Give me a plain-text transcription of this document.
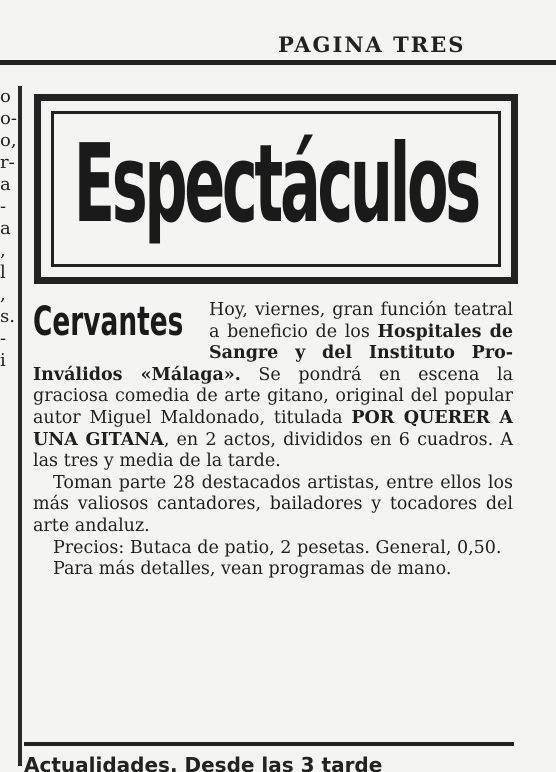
PAGINA TRES
o
o-
o,
r-
a
-
a
,
l
,
s.
-
i
Espectáculos
Cervantes	Hoy, viernes, gran función teatral a beneficio de los Hospitales de Sangre y del Instituto Pro-Inválidos «Málaga». Se pondrá en escena la graciosa comedia de arte gitano, original del popular autor Miguel Maldonado, titulada POR QUERER A UNA GITANA, en 2 actos, divididos en 6 cuadros. A las tres y media de la tarde.

Toman parte 28 destacados artistas, entre ellos los más valiosos cantadores, bailadores y tocadores del arte andaluz.

Precios: Butaca de patio, 2 pesetas. General, 0,50.

Para más detalles, vean programas de mano.

Actualidades. Desde las 3 tarde
